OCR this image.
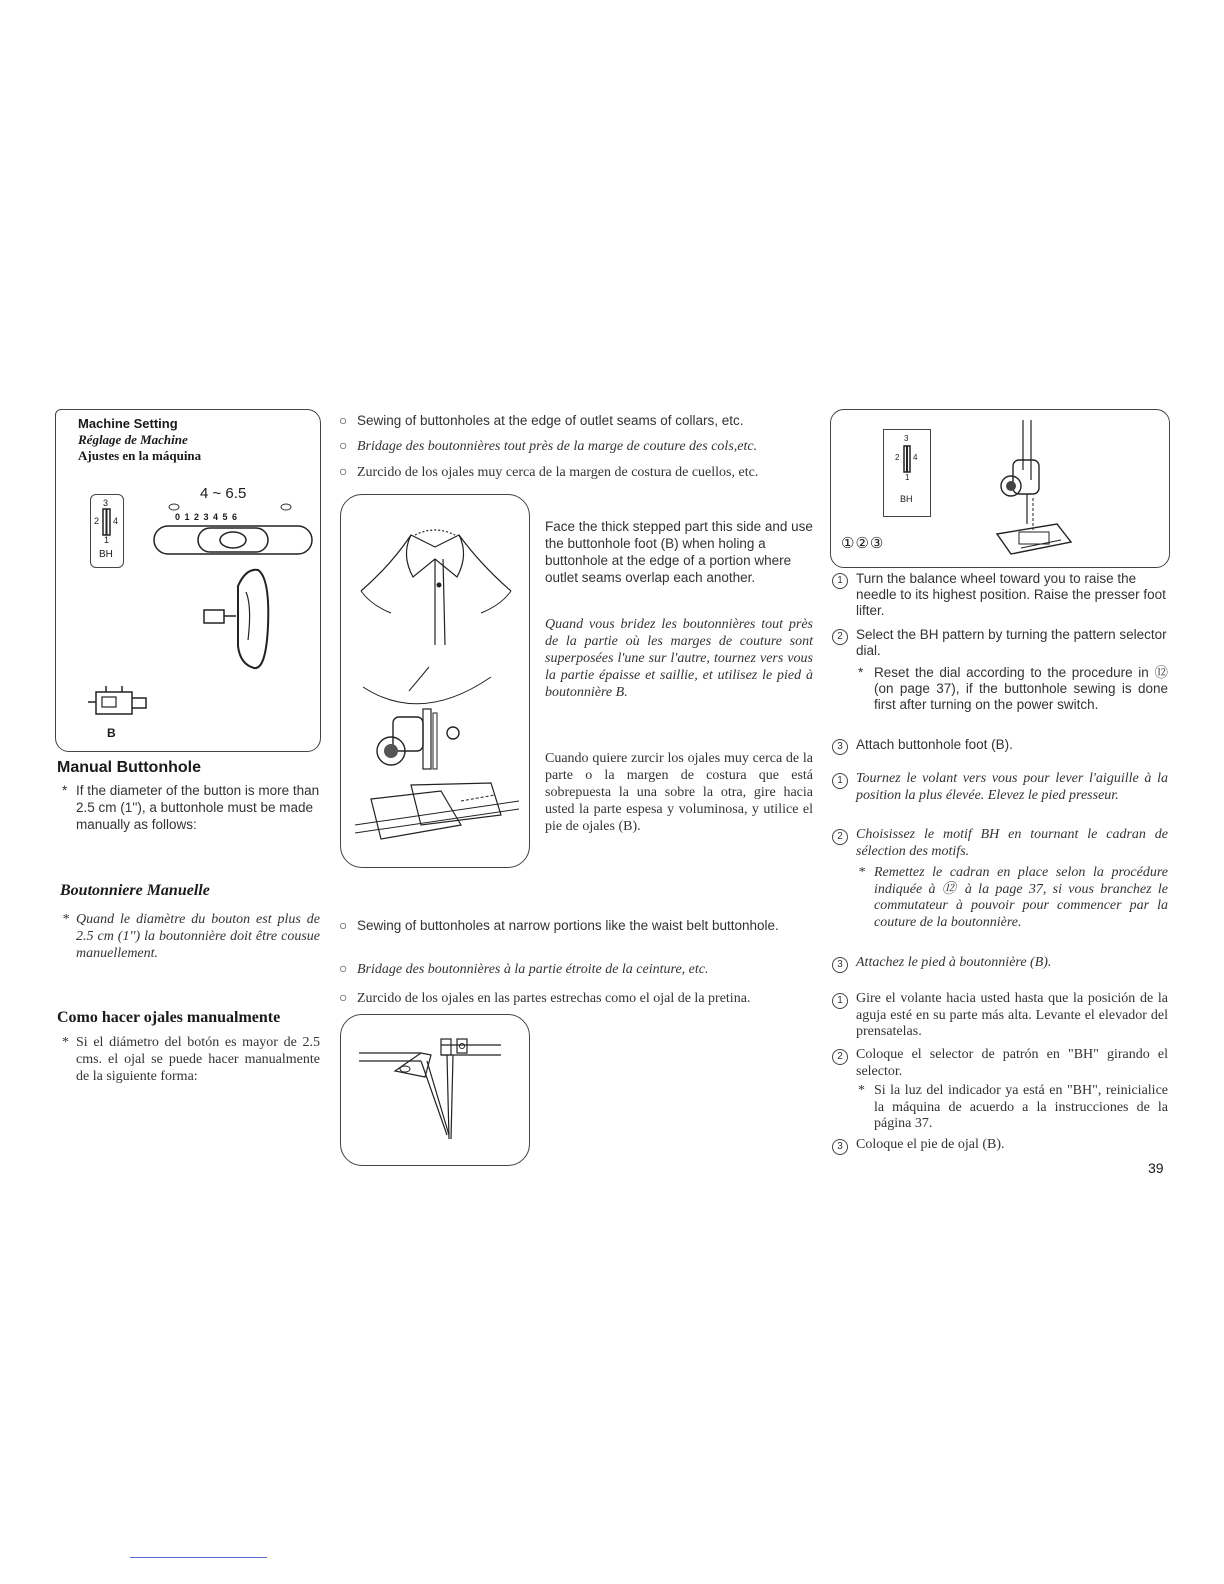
Machine Setting
Réglage de Machine
Ajustes en la máquina
3
2 4
1
BH
4 ~ 6.5
0 1 2 3 4 5 6
B
Manual Buttonhole
* If the diameter of the button is more than 2.5 cm (1''), a buttonhole must be made manually as follows:
Boutonniere Manuelle
* Quand le diamètre du bouton est plus de 2.5 cm (1'') la boutonnière doit être cousue manuellement.
Como hacer ojales manualmente
* Si el diámetro del botón es mayor de 2.5 cms. el ojal se puede hacer manualmente de la siguiente forma:
○ Sewing of buttonholes at the edge of outlet seams of collars, etc.
○ Bridage des boutonnières tout près de la marge de couture des cols,etc.
○ Zurcido de los ojales muy cerca de la margen de costura de cuellos, etc.
Face the thick stepped part this side and use the buttonhole foot (B) when holing a buttonhole at the edge of a portion where outlet seams overlap each another.
Quand vous bridez les boutonnières tout près de la partie où les marges de couture sont superposées l'une sur l'autre, tournez vers vous la partie épaisse et saillie, et utilisez le pied à boutonnière B.
Cuando quiere zurcir los ojales muy cerca de la parte o la margen de costura que está sobrepuesta la una sobre la otra, gire hacia usted la parte espesa y voluminosa, y utilice el pie de ojales (B).
○ Sewing of buttonholes at narrow portions like the waist belt buttonhole.
○ Bridage des boutonnières à la partie étroite de la ceinture, etc.
○ Zurcido de los ojales en las partes estrechas como el ojal de la pretina.
3
2 4
1
BH
①②③
1 Turn the balance wheel toward you to raise the needle to its highest position. Raise the presser foot lifter.
2 Select the BH pattern by turning the pattern selector dial.
* Reset the dial according to the procedure in ⑫ (on page 37), if the buttonhole sewing is done first after turning on the power switch.
3 Attach buttonhole foot (B).
1 Tournez le volant vers vous pour lever l'aiguille à la position la plus élevée. Elevez le pied presseur.
2 Choisissez le motif BH en tournant le cadran de sélection des motifs.
* Remettez le cadran en place selon la procédure indiquée à ⑫ à la page 37, si vous branchez le commutateur à pouvoir pour commencer par la couture de la boutonnière.
3 Attachez le pied à boutonnière (B).
1 Gire el volante hacia usted hasta que la posición de la aguja esté en su parte más alta. Levante el elevador del prensatelas.
2 Coloque el selector de patrón en "BH" girando el selector.
* Si la luz del indicador ya está en "BH", reinicialice la máquina de acuerdo a la instrucciones de la página 37.
3 Coloque el pie de ojal (B).
39
